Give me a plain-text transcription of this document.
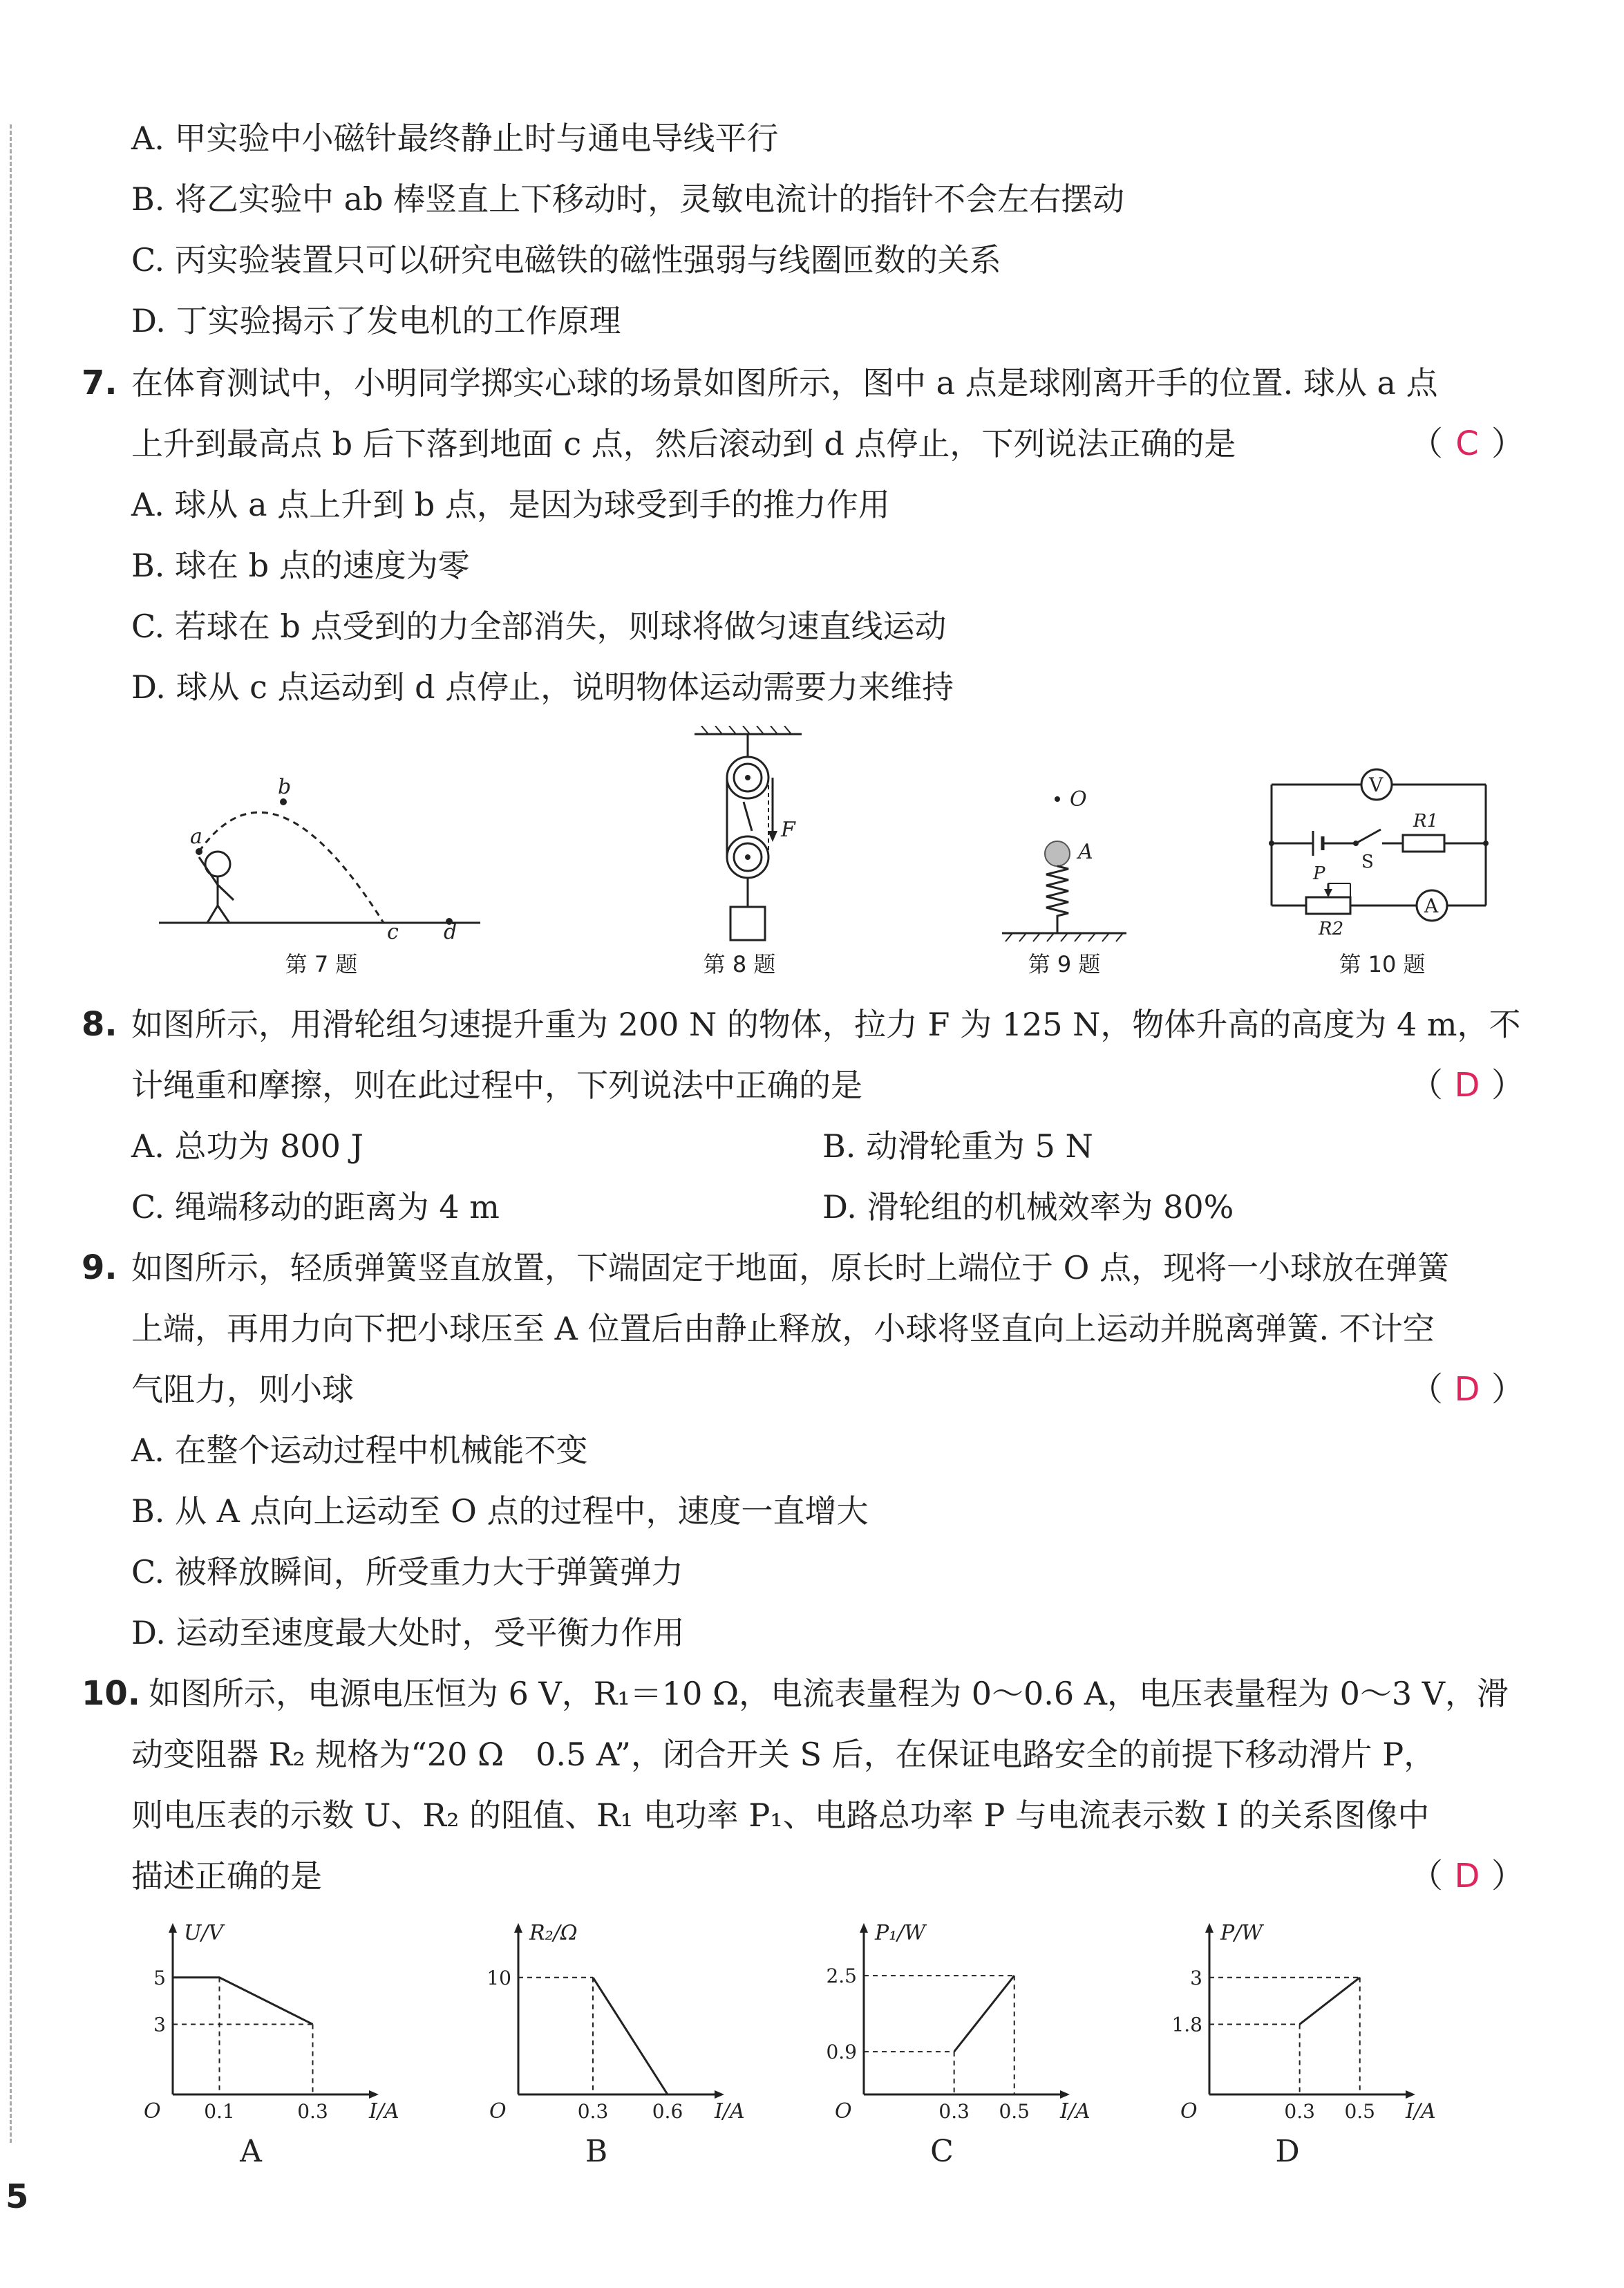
A. 甲实验中小磁针最终静止时与通电导线平行
B. 将乙实验中 ab 棒竖直上下移动时，灵敏电流计的指针不会左右摆动
C. 丙实验装置只可以研究电磁铁的磁性强弱与线圈匝数的关系
D. 丁实验揭示了发电机的工作原理
7. 在体育测试中，小明同学掷实心球的场景如图所示，图中 a 点是球刚离开手的位置. 球从 a 点
上升到最高点 b 后下落到地面 c 点，然后滚动到 d 点停止，下列说法正确的是	（ C ）
A. 球从 a 点上升到 b 点，是因为球受到手的推力作用
B. 球在 b 点的速度为零
C. 若球在 b 点受到的力全部消失，则球将做匀速直线运动
D. 球从 c 点运动到 d 点停止，说明物体运动需要力来维持
a
b
c d
第 7 题
F
第 8 题
O
A
第 9 题
V
S
R1
P
R2
A
第 10 题
8. 如图所示，用滑轮组匀速提升重为 200 N 的物体，拉力 F 为 125 N，物体升高的高度为 4 m，不
计绳重和摩擦，则在此过程中，下列说法中正确的是	（ D ）
A. 总功为 800 J	B. 动滑轮重为 5 N
C. 绳端移动的距离为 4 m	D. 滑轮组的机械效率为 80%
9. 如图所示，轻质弹簧竖直放置，下端固定于地面，原长时上端位于 O 点，现将一小球放在弹簧
上端，再用力向下把小球压至 A 位置后由静止释放，小球将竖直向上运动并脱离弹簧. 不计空
气阻力，则小球	（ D ）
A. 在整个运动过程中机械能不变
B. 从 A 点向上运动至 O 点的过程中，速度一直增大
C. 被释放瞬间，所受重力大于弹簧弹力
D. 运动至速度最大处时，受平衡力作用
10. 如图所示，电源电压恒为 6 V，R₁＝10 Ω，电流表量程为 0～0.6 A，电压表量程为 0～3 V，滑
动变阻器 R₂ 规格为“20 Ω　0.5 A”，闭合开关 S 后，在保证电路安全的前提下移动滑片 P，
则电压表的示数 U、R₂ 的阻值、R₁ 电功率 P₁、电路总功率 P 与电流表示数 I 的关系图像中
描述正确的是	（ D ）
U/V
I/A
O 0.1	0.3
5
3
R₂/Ω
I/A
O	0.3 0.6
10
P₁/W
I/A
O	0.3 0.5
2.5
0.9
P/W
I/A
O	0.3 0.5
3
1.8
A	B	C	D
5
